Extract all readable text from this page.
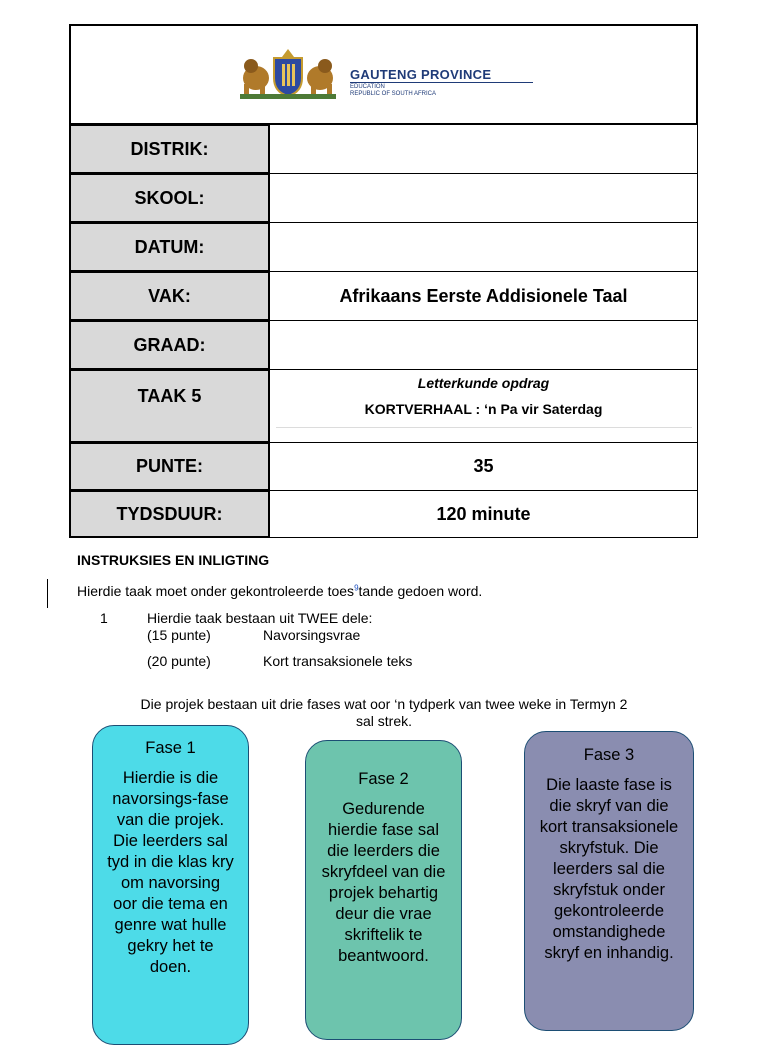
GAUTENG PROVINCE
EDUCATION
REPUBLIC OF SOUTH AFRICA
DISTRIK:
SKOOL:
DATUM:
VAK:	Afrikaans Eerste Addisionele Taal
GRAAD:
TAAK 5
Letterkunde opdrag
KORTVERHAAL : ‘n Pa vir Saterdag
PUNTE:	35
TYDSDUUR:	120 minute
INSTRUKSIES EN INLIGTING
Hierdie taak moet onder gekontroleerde toes$^9$tande gedoen word.
1	Hierdie taak bestaan uit TWEE dele:
(15 punte)	Navorsingsvrae
(20 punte)	Kort transaksionele teks
Die projek bestaan uit drie fases wat oor ‘n tydperk van twee weke in Termyn 2
sal strek.
Fase 1
Hierdie is die navorsings-fase van die projek. Die leerders sal tyd in die klas kry om navorsing oor die tema en genre wat hulle gekry het te doen.
Fase 2
Gedurende hierdie fase sal die leerders die skryfdeel van die projek behartig deur die vrae skriftelik te beantwoord.
Fase 3
Die laaste fase is die skryf van die kort transaksionele skryfstuk. Die leerders sal die skryfstuk onder gekontroleerde omstandighede skryf en inhandig.
